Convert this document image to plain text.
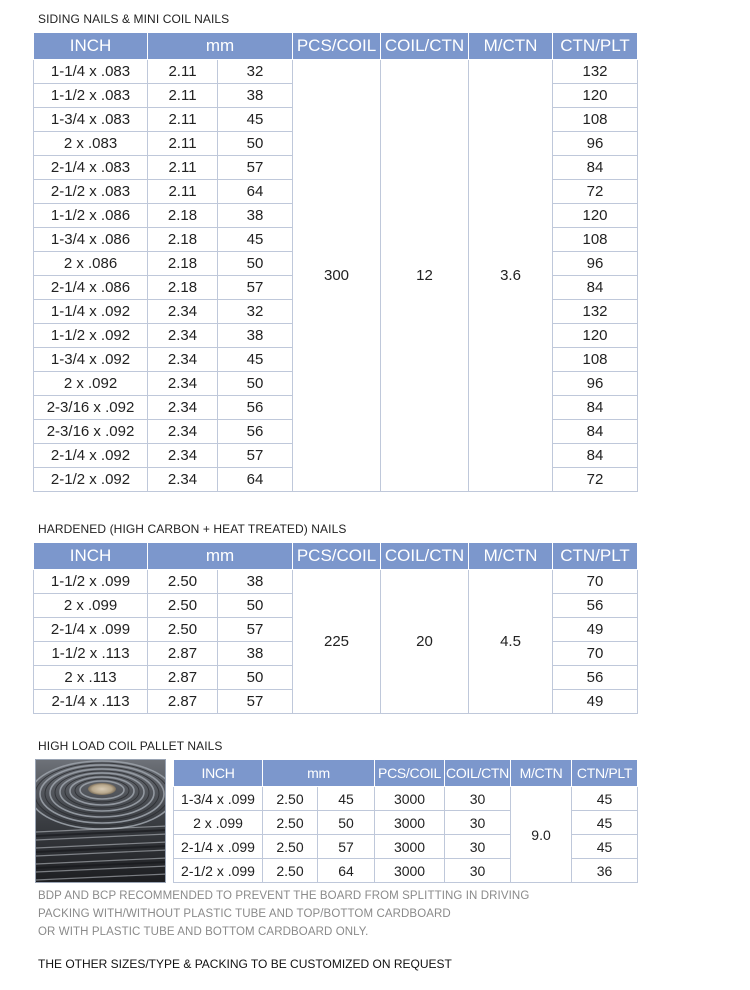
SIDING NAILS & MINI COIL NAILS
INCH	mm		PCS/COIL	COIL/CTN	M/CTN	CTN/PLT
1-1/4 x .083	2.11	32	300	12	3.6	132
1-1/2 x .083	2.11	38				120
1-3/4 x .083	2.11	45				108
2 x .083	2.11	50				96
2-1/4 x .083	2.11	57				84
2-1/2 x .083	2.11	64				72
1-1/2 x .086	2.18	38				120
1-3/4 x .086	2.18	45				108
2 x .086	2.18	50				96
2-1/4 x .086	2.18	57				84
1-1/4 x .092	2.34	32				132
1-1/2 x .092	2.34	38				120
1-3/4 x .092	2.34	45				108
2 x .092	2.34	50				96
2-3/16 x .092	2.34	56				84
2-3/16 x .092	2.34	56				84
2-1/4 x .092	2.34	57				84
2-1/2 x .092	2.34	64				72
HARDENED (HIGH CARBON + HEAT TREATED) NAILS
INCH	mm		PCS/COIL	COIL/CTN	M/CTN	CTN/PLT
1-1/2 x .099	2.50	38	225	20	4.5	70
2 x .099	2.50	50				56
2-1/4 x .099	2.50	57				49
1-1/2 x .113	2.87	38				70
2 x .113	2.87	50				56
2-1/4 x .113	2.87	57				49
HIGH LOAD COIL PALLET NAILS
INCH	mm		PCS/COIL	COIL/CTN	M/CTN	CTN/PLT
1-3/4 x .099	2.50	45	3000	30	9.0	45
2 x .099	2.50	50	3000	30		45
2-1/4 x .099	2.50	57	3000	30		45
2-1/2 x .099	2.50	64	3000	30		36
BDP AND BCP RECOMMENDED TO PREVENT THE BOARD FROM SPLITTING IN DRIVING
PACKING WITH/WITHOUT PLASTIC TUBE AND TOP/BOTTOM CARDBOARD
OR WITH PLASTIC TUBE AND BOTTOM CARDBOARD ONLY.
THE OTHER SIZES/TYPE & PACKING TO BE CUSTOMIZED ON REQUEST
